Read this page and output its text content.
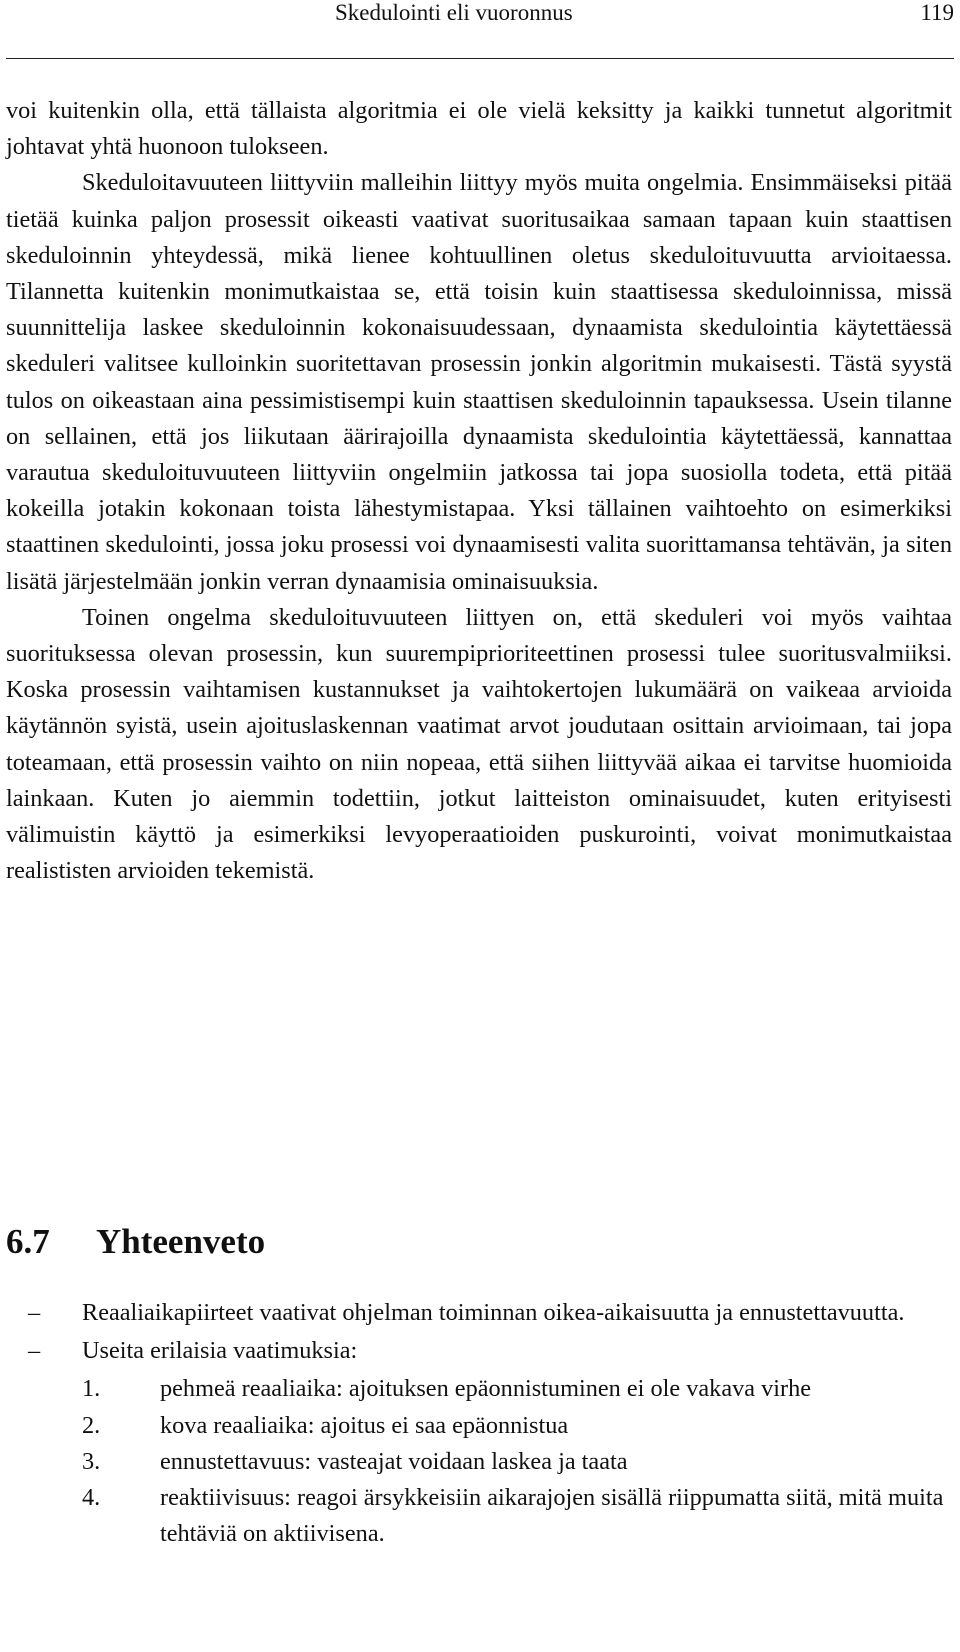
Skedulointi eli vuoronnus	119

voi kuitenkin olla, että tällaista algoritmia ei ole vielä keksitty ja kaikki tunnetut algoritmit johtavat yhtä huonoon tulokseen.

Skeduloitavuuteen liittyviin malleihin liittyy myös muita ongelmia. Ensimmäiseksi pitää tietää kuinka paljon prosessit oikeasti vaativat suoritusaikaa samaan tapaan kuin staattisen skeduloinnin yhteydessä, mikä lienee kohtuullinen oletus skeduloituvuutta arvioitaessa. Tilannetta kuitenkin monimutkaistaa se, että toisin kuin staattisessa skeduloinnissa, missä suunnittelija laskee skeduloinnin kokonaisuudessaan, dynaamista skedulointia käytettäessä skeduleri valitsee kulloinkin suoritettavan prosessin jonkin algoritmin mukaisesti. Tästä syystä tulos on oikeastaan aina pessimistisempi kuin staattisen skeduloinnin tapauksessa. Usein tilanne on sellainen, että jos liikutaan äärirajoilla dynaamista skedulointia käytettäessä, kannattaa varautua skeduloituvuuteen liittyviin ongelmiin jatkossa tai jopa suosiolla todeta, että pitää kokeilla jotakin kokonaan toista lähestymistapaa. Yksi tällainen vaihtoehto on esimerkiksi staattinen skedulointi, jossa joku prosessi voi dynaamisesti valita suorittamansa tehtävän, ja siten lisätä järjestelmään jonkin verran dynaamisia ominaisuuksia.

Toinen ongelma skeduloituvuuteen liittyen on, että skeduleri voi myös vaihtaa suorituksessa olevan prosessin, kun suurempiprioriteettinen prosessi tulee suoritusvalmiiksi. Koska prosessin vaihtamisen kustannukset ja vaihtokertojen lukumäärä on vaikeaa arvioida käytännön syistä, usein ajoituslaskennan vaatimat arvot joudutaan osittain arvioimaan, tai jopa toteamaan, että prosessin vaihto on niin nopeaa, että siihen liittyvää aikaa ei tarvitse huomioida lainkaan. Kuten jo aiemmin todettiin, jotkut laitteiston ominaisuudet, kuten erityisesti välimuistin käyttö ja esimerkiksi levyoperaatioiden puskurointi, voivat monimutkaistaa realististen arvioiden tekemistä.

6.7 Yhteenveto
– Reaaliaikapiirteet vaativat ohjelman toiminnan oikea-aikaisuutta ja ennustettavuutta.
– Useita erilaisia vaatimuksia:
1. pehmeä reaaliaika: ajoituksen epäonnistuminen ei ole vakava virhe
2. kova reaaliaika: ajoitus ei saa epäonnistua
3. ennustettavuus: vasteajat voidaan laskea ja taata
4. reaktiivisuus: reagoi ärsykkeisiin aikarajojen sisällä riippumatta siitä, mitä muita tehtäviä on aktiivisena.
